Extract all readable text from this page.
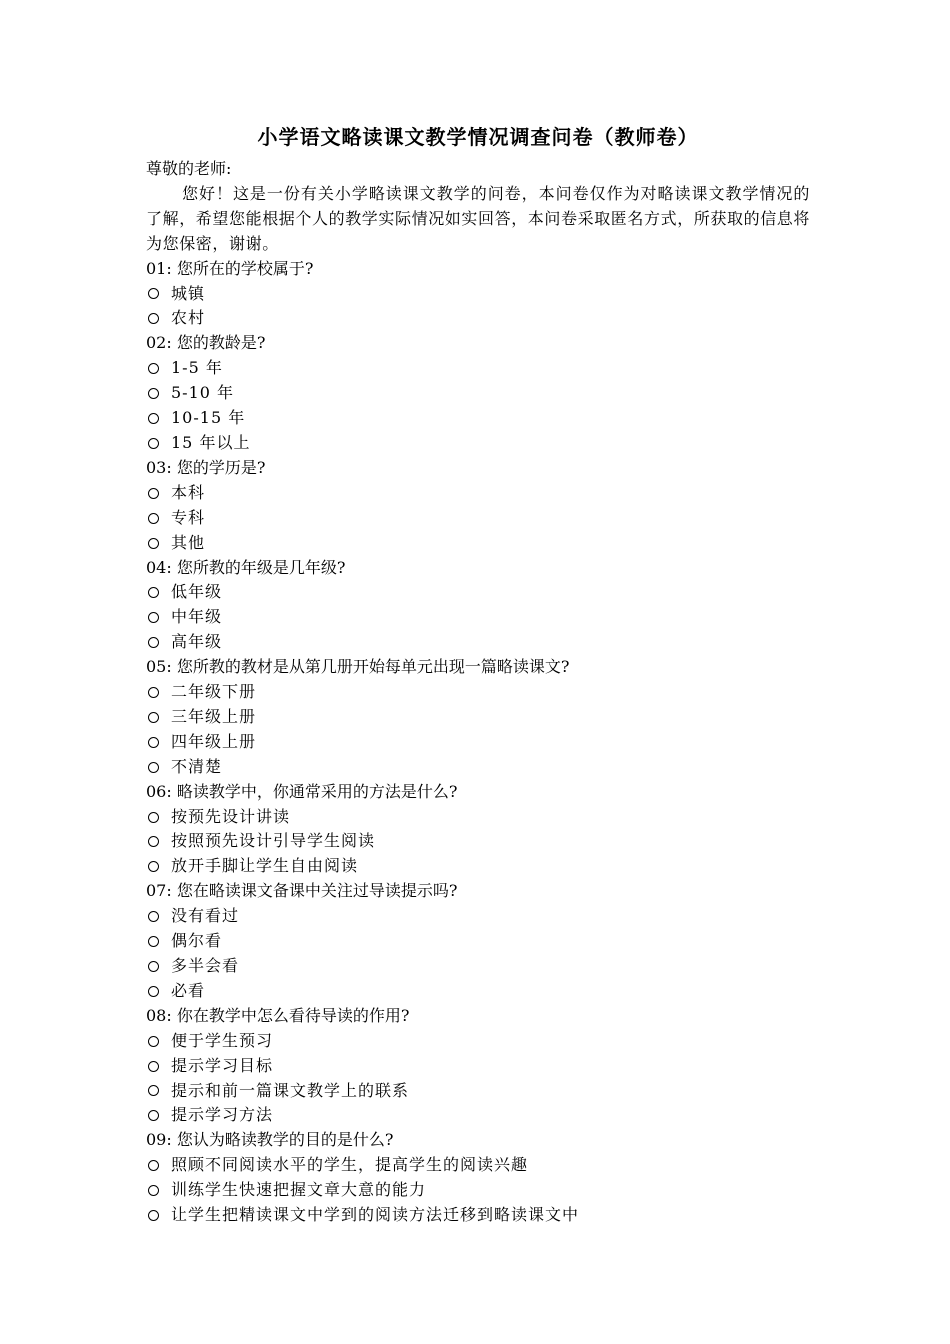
小学语文略读课文教学情况调查问卷（教师卷）
尊敬的老师:
您好！这是一份有关小学略读课文教学的问卷，本问卷仅作为对略读课文教学情况的了解，希望您能根据个人的教学实际情况如实回答，本问卷采取匿名方式，所获取的信息将为您保密，谢谢。
01: 您所在的学校属于?
城镇
农村
02: 您的教龄是?
1-5 年
5-10 年
10-15 年
15 年以上
03: 您的学历是?
本科
专科
其他
04: 您所教的年级是几年级?
低年级
中年级
高年级
05: 您所教的教材是从第几册开始每单元出现一篇略读课文?
二年级下册
三年级上册
四年级上册
不清楚
06: 略读教学中，你通常采用的方法是什么?
按预先设计讲读
按照预先设计引导学生阅读
放开手脚让学生自由阅读
07: 您在略读课文备课中关注过导读提示吗?
没有看过
偶尔看
多半会看
必看
08: 你在教学中怎么看待导读的作用?
便于学生预习
提示学习目标
提示和前一篇课文教学上的联系
提示学习方法
09: 您认为略读教学的目的是什么?
照顾不同阅读水平的学生，提高学生的阅读兴趣
训练学生快速把握文章大意的能力
让学生把精读课文中学到的阅读方法迁移到略读课文中
